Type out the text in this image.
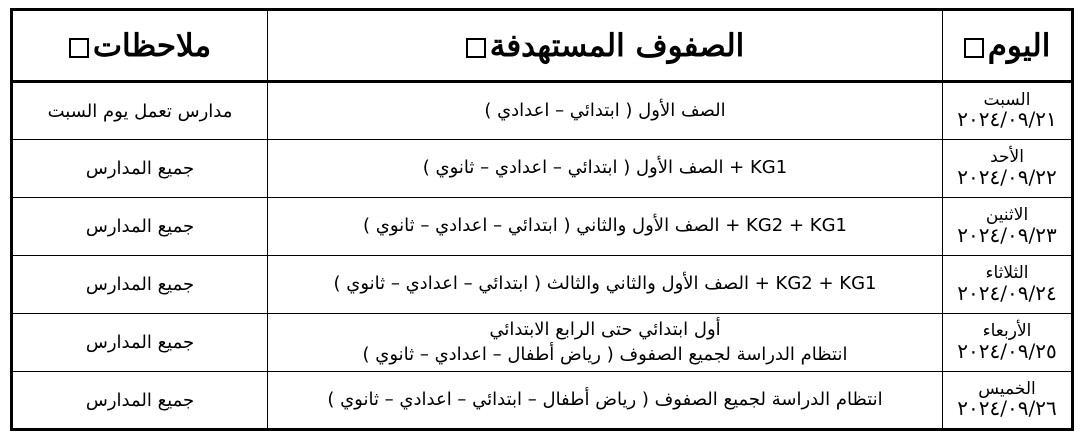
اليوم	الصفوف المستهدفة	ملاحظات

السبت
٢٠٢٤/٠٩/٢١	الصف الأول ( ابتدائي – اعدادي )	مدارس تعمل يوم السبت

الأحد
٢٠٢٤/٠٩/٢٢	KG1 + الصف الأول ( ابتدائي – اعدادي – ثانوي )	جميع المدارس

الاثنين
٢٠٢٤/٠٩/٢٣	KG2 + KG1 + الصف الأول والثاني ( ابتدائي – اعدادي – ثانوي )	جميع المدارس

الثلاثاء
٢٠٢٤/٠٩/٢٤	KG2 + KG1 + الصف الأول والثاني والثالث ( ابتدائي – اعدادي – ثانوي )	جميع المدارس

الأربعاء
٢٠٢٤/٠٩/٢٥	أول ابتدائي حتى الرابع الابتدائي
انتظام الدراسة لجميع الصفوف ( رياض أطفال – اعدادي – ثانوي )	جميع المدارس

الخميس
٢٠٢٤/٠٩/٢٦	انتظام الدراسة لجميع الصفوف ( رياض أطفال – ابتدائي – اعدادي – ثانوي )	جميع المدارس
